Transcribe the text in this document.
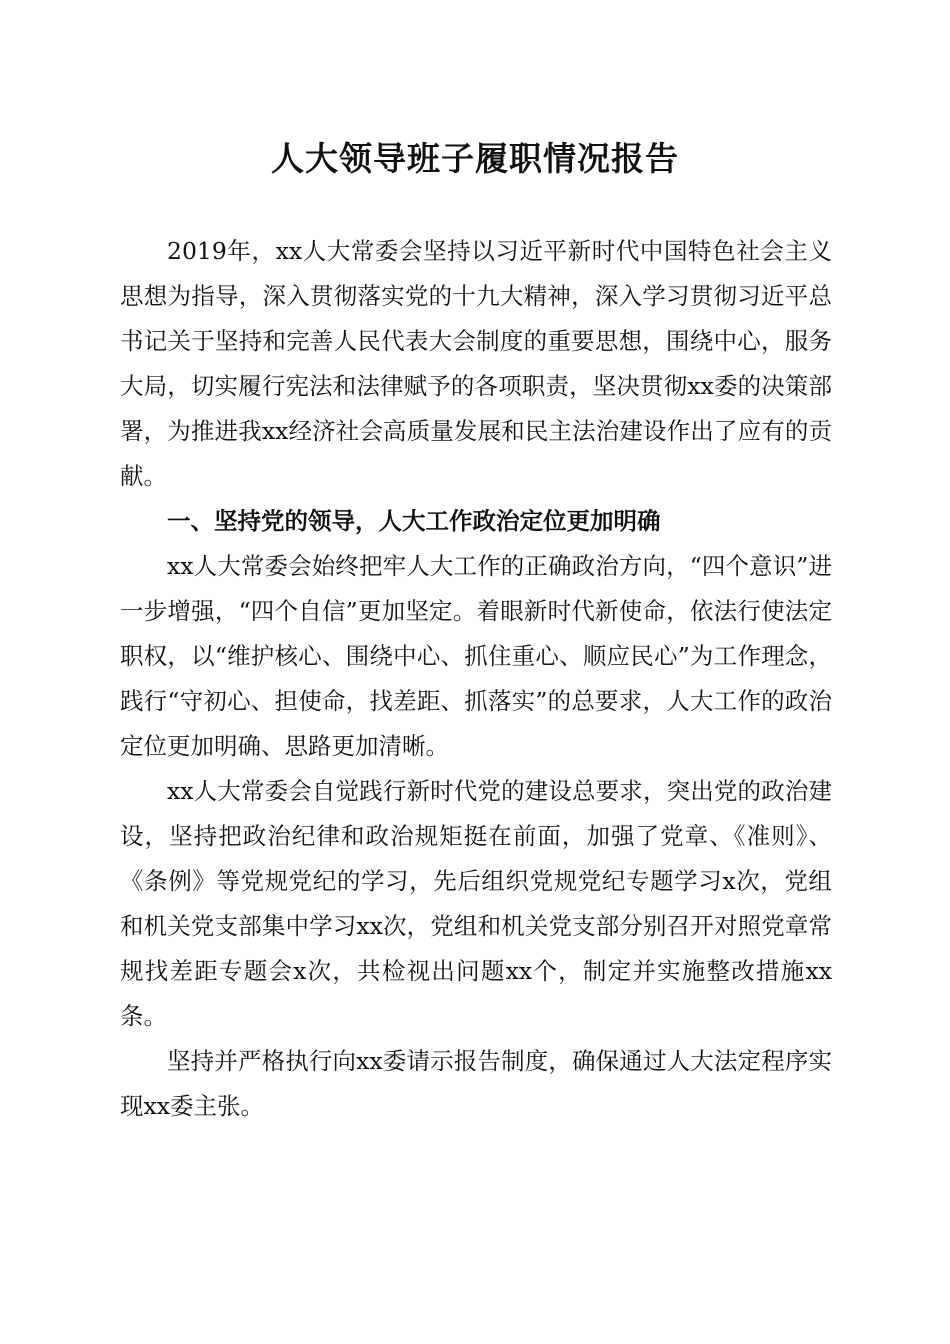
人大领导班子履职情况报告

2019年，xx人大常委会坚持以习近平新时代中国特色社会主义思想为指导，深入贯彻落实党的十九大精神，深入学习贯彻习近平总书记关于坚持和完善人民代表大会制度的重要思想，围绕中心，服务大局，切实履行宪法和法律赋予的各项职责，坚决贯彻xx委的决策部署，为推进我xx经济社会高质量发展和民主法治建设作出了应有的贡献。

一、坚持党的领导，人大工作政治定位更加明确

xx人大常委会始终把牢人大工作的正确政治方向，“四个意识”进一步增强，“四个自信”更加坚定。着眼新时代新使命，依法行使法定职权，以“维护核心、围绕中心、抓住重心、顺应民心”为工作理念，践行“守初心、担使命，找差距、抓落实”的总要求，人大工作的政治定位更加明确、思路更加清晰。

xx人大常委会自觉践行新时代党的建设总要求，突出党的政治建设，坚持把政治纪律和政治规矩挺在前面，加强了党章、《准则》、《条例》等党规党纪的学习，先后组织党规党纪专题学习x次，党组和机关党支部集中学习xx次，党组和机关党支部分别召开对照党章常规找差距专题会x次，共检视出问题xx个，制定并实施整改措施xx条。

坚持并严格执行向xx委请示报告制度，确保通过人大法定程序实现xx委主张。
